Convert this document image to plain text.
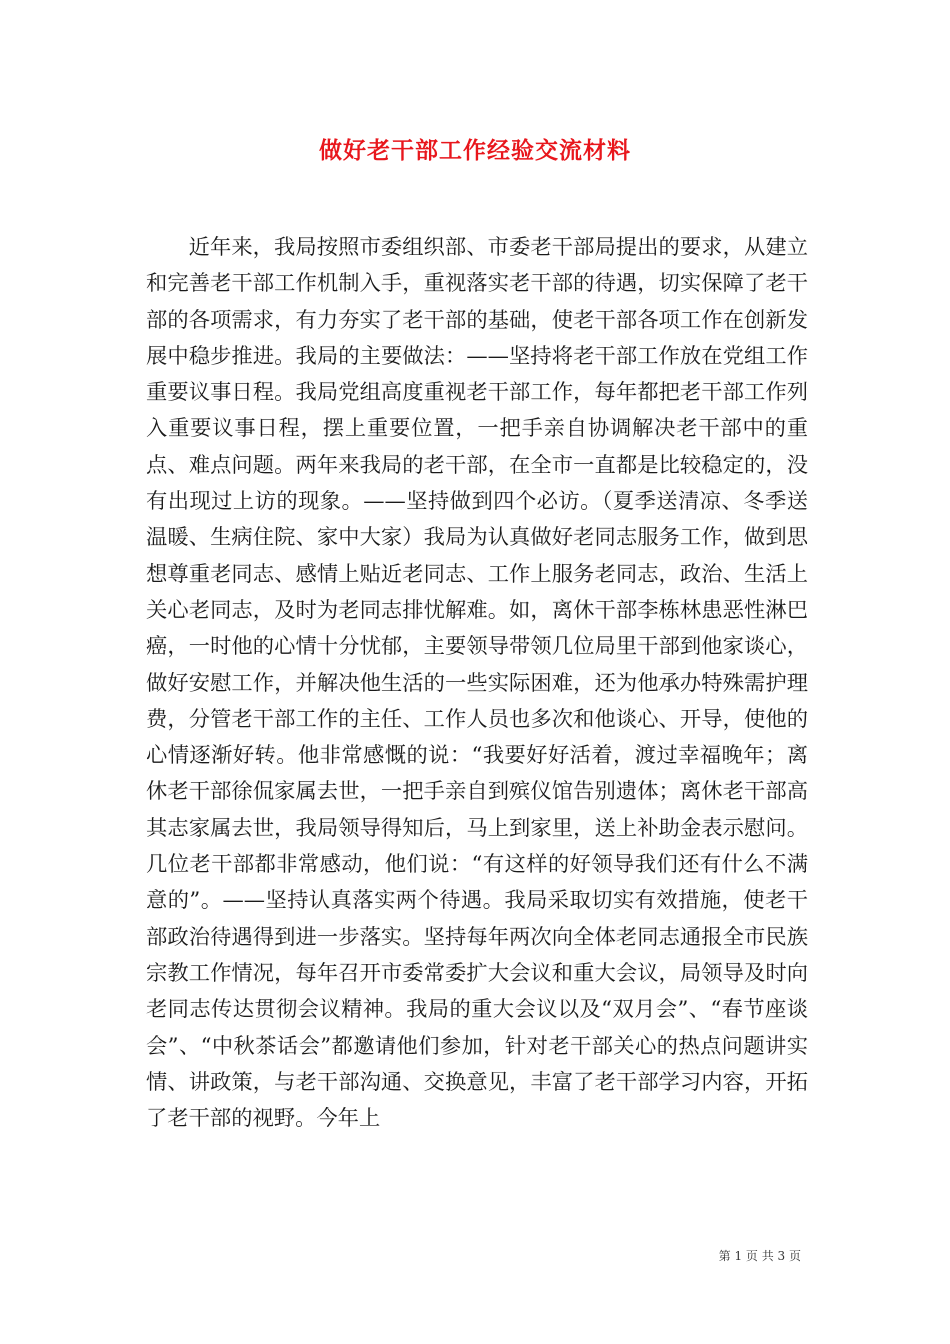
做好老干部工作经验交流材料

近年来，我局按照市委组织部、市委老干部局提出的要求，从建立和完善老干部工作机制入手，重视落实老干部的待遇，切实保障了老干部的各项需求，有力夯实了老干部的基础，使老干部各项工作在创新发展中稳步推进。我局的主要做法：——坚持将老干部工作放在党组工作重要议事日程。我局党组高度重视老干部工作，每年都把老干部工作列入重要议事日程，摆上重要位置，一把手亲自协调解决老干部中的重点、难点问题。两年来我局的老干部，在全市一直都是比较稳定的，没有出现过上访的现象。——坚持做到四个必访。（夏季送清凉、冬季送温暖、生病住院、家中大家）我局为认真做好老同志服务工作，做到思想尊重老同志、感情上贴近老同志、工作上服务老同志，政治、生活上关心老同志，及时为老同志排忧解难。如，离休干部李栋林患恶性淋巴癌，一时他的心情十分忧郁，主要领导带领几位局里干部到他家谈心，做好安慰工作，并解决他生活的一些实际困难，还为他承办特殊需护理费，分管老干部工作的主任、工作人员也多次和他谈心、开导，使他的心情逐渐好转。他非常感慨的说：“我要好好活着，渡过幸福晚年；离休老干部徐侃家属去世，一把手亲自到殡仪馆告别遗体；离休老干部高其志家属去世，我局领导得知后，马上到家里，送上补助金表示慰问。几位老干部都非常感动，他们说：“有这样的好领导我们还有什么不满意的”。——坚持认真落实两个待遇。我局采取切实有效措施，使老干部政治待遇得到进一步落实。坚持每年两次向全体老同志通报全市民族宗教工作情况，每年召开市委常委扩大会议和重大会议，局领导及时向老同志传达贯彻会议精神。我局的重大会议以及“双月会”、“春节座谈会”、“中秋茶话会”都邀请他们参加，针对老干部关心的热点问题讲实情、讲政策，与老干部沟通、交换意见，丰富了老干部学习内容，开拓了老干部的视野。今年上

第 1 页 共 3 页
